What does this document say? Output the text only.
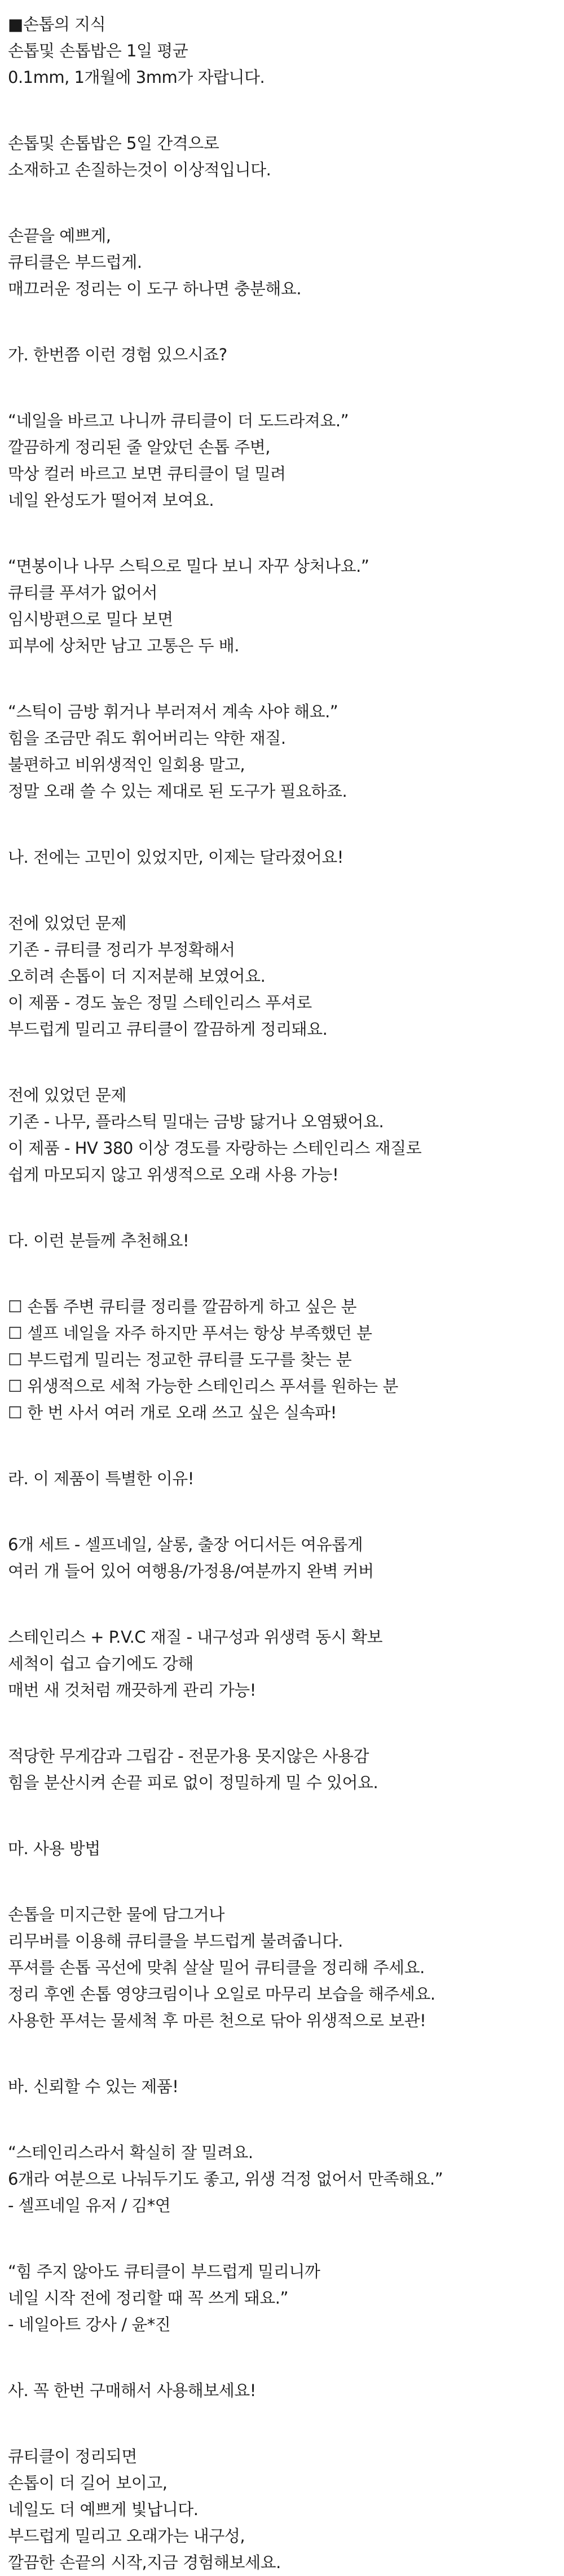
■손톱의 지식
손톱및 손톱밥은 1일 평균
0.1mm, 1개월에 3mm가 자랍니다.
손톱및 손톱밥은 5일 간격으로
소재하고 손질하는것이 이상적입니다.
손끝을 예쁘게,
큐티클은 부드럽게.
매끄러운 정리는 이 도구 하나면 충분해요.
가. 한번쯤 이런 경험 있으시죠?
“네일을 바르고 나니까 큐티클이 더 도드라져요.”
깔끔하게 정리된 줄 알았던 손톱 주변,
막상 컬러 바르고 보면 큐티클이 덜 밀려
네일 완성도가 떨어져 보여요.
“면봉이나 나무 스틱으로 밀다 보니 자꾸 상처나요.”
큐티클 푸셔가 없어서
임시방편으로 밀다 보면
피부에 상처만 남고 고통은 두 배.
“스틱이 금방 휘거나 부러져서 계속 사야 해요.”
힘을 조금만 줘도 휘어버리는 약한 재질.
불편하고 비위생적인 일회용 말고,
정말 오래 쓸 수 있는 제대로 된 도구가 필요하죠.
나. 전에는 고민이 있었지만, 이제는 달라졌어요!
전에 있었던 문제
기존 - 큐티클 정리가 부정확해서
오히려 손톱이 더 지저분해 보였어요.
이 제품 - 경도 높은 정밀 스테인리스 푸셔로
부드럽게 밀리고 큐티클이 깔끔하게 정리돼요.
전에 있었던 문제
기존 - 나무, 플라스틱 밀대는 금방 닳거나 오염됐어요.
이 제품 - HV 380 이상 경도를 자랑하는 스테인리스 재질로
쉽게 마모되지 않고 위생적으로 오래 사용 가능!
다. 이런 분들께 추천해요!
☐ 손톱 주변 큐티클 정리를 깔끔하게 하고 싶은 분
☐ 셀프 네일을 자주 하지만 푸셔는 항상 부족했던 분
☐ 부드럽게 밀리는 정교한 큐티클 도구를 찾는 분
☐ 위생적으로 세척 가능한 스테인리스 푸셔를 원하는 분
☐ 한 번 사서 여러 개로 오래 쓰고 싶은 실속파!
라. 이 제품이 특별한 이유!
6개 세트 - 셀프네일, 살롱, 출장 어디서든 여유롭게
여러 개 들어 있어 여행용/가정용/여분까지 완벽 커버
스테인리스 + P.V.C 재질 - 내구성과 위생력 동시 확보
세척이 쉽고 습기에도 강해
매번 새 것처럼 깨끗하게 관리 가능!
적당한 무게감과 그립감 - 전문가용 못지않은 사용감
힘을 분산시켜 손끝 피로 없이 정밀하게 밀 수 있어요.
마. 사용 방법
손톱을 미지근한 물에 담그거나
리무버를 이용해 큐티클을 부드럽게 불려줍니다.
푸셔를 손톱 곡선에 맞춰 살살 밀어 큐티클을 정리해 주세요.
정리 후엔 손톱 영양크림이나 오일로 마무리 보습을 해주세요.
사용한 푸셔는 물세척 후 마른 천으로 닦아 위생적으로 보관!
바. 신뢰할 수 있는 제품!
“스테인리스라서 확실히 잘 밀려요.
6개라 여분으로 나눠두기도 좋고, 위생 걱정 없어서 만족해요.”
- 셀프네일 유저 / 김*연
“힘 주지 않아도 큐티클이 부드럽게 밀리니까
네일 시작 전에 정리할 때 꼭 쓰게 돼요.”
- 네일아트 강사 / 윤*진
사. 꼭 한번 구매해서 사용해보세요!
큐티클이 정리되면
손톱이 더 길어 보이고,
네일도 더 예쁘게 빛납니다.
부드럽게 밀리고 오래가는 내구성,
깔끔한 손끝의 시작,지금 경험해보세요.
